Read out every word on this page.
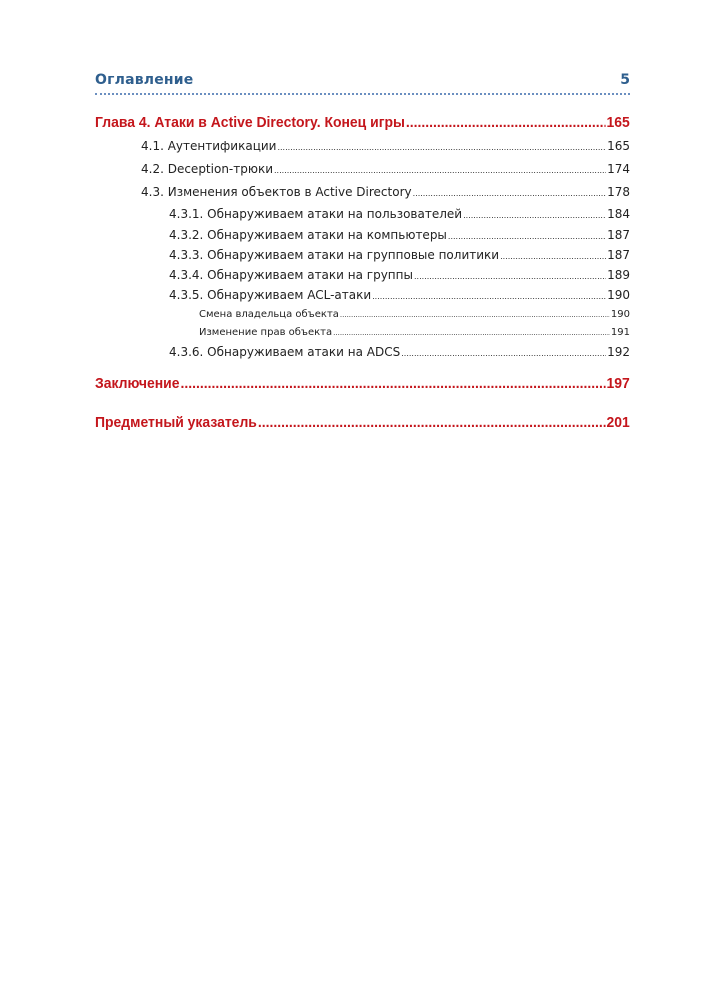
Оглавление	5
Глава 4. Атаки в Active Directory. Конец игры .....	165
4.1. Аутентификации .....	165
4.2. Deception-трюки .....	174
4.3. Изменения объектов в Active Directory .....	178
4.3.1. Обнаруживаем атаки на пользователей .....	184
4.3.2. Обнаруживаем атаки на компьютеры .....	187
4.3.3. Обнаруживаем атаки на групповые политики .....	187
4.3.4. Обнаруживаем атаки на группы .....	189
4.3.5. Обнаруживаем ACL-атаки .....	190
Смена владельца объекта .....	190
Изменение прав объекта .....	191
4.3.6. Обнаруживаем атаки на ADCS .....	192
Заключение .....	197
Предметный указатель .....	201
